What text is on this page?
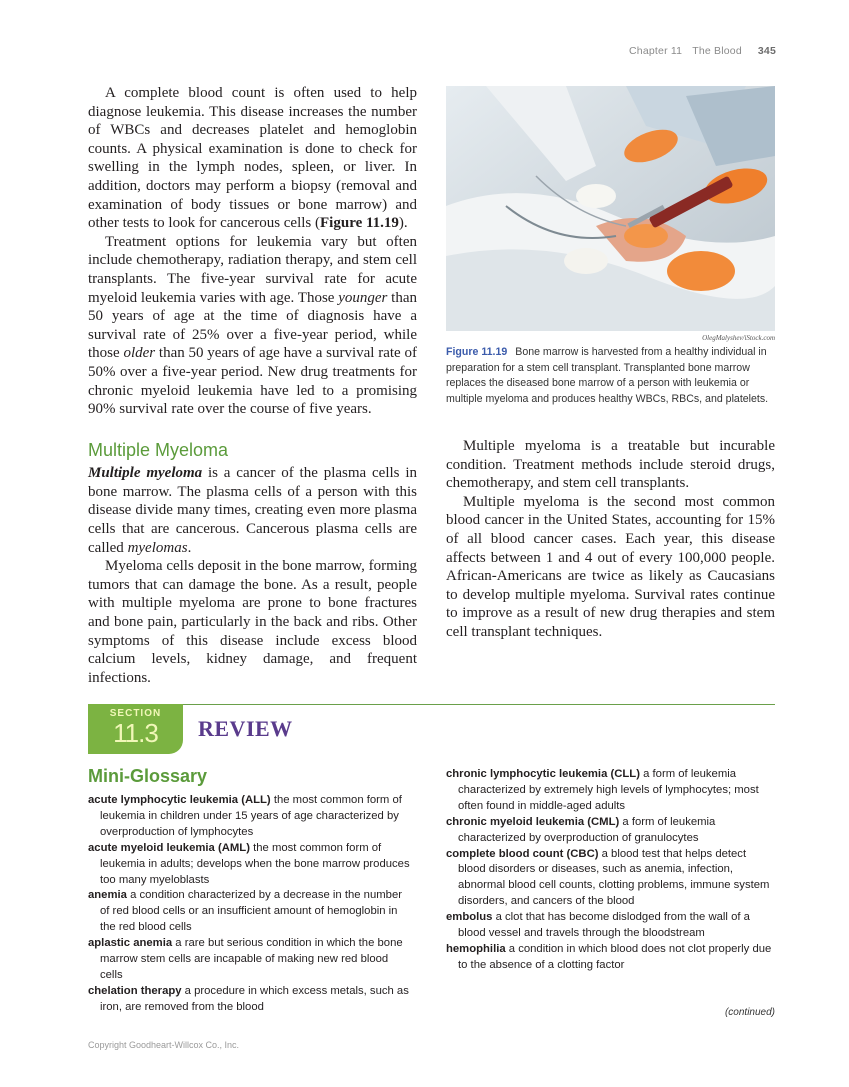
Chapter 11 The Blood 345

A complete blood count is often used to help diagnose leukemia. This disease increases the number of WBCs and decreases platelet and hemoglobin counts. A physical examination is done to check for swelling in the lymph nodes, spleen, or liver. In addition, doctors may perform a biopsy (removal and examination of body tissues or bone marrow) and other tests to look for cancerous cells (Figure 11.19).

Treatment options for leukemia vary but often include chemotherapy, radiation therapy, and stem cell transplants. The five-year survival rate for acute myeloid leukemia varies with age. Those younger than 50 years of age at the time of diagnosis have a survival rate of 25% over a five-year period, while those older than 50 years of age have a survival rate of 50% over a five-year period. New drug treatments for chronic myeloid leukemia have led to a promising 90% survival rate over the course of five years.

Multiple Myeloma

Multiple myeloma is a cancer of the plasma cells in bone marrow. The plasma cells of a person with this disease divide many times, creating even more plasma cells that are cancerous. Cancerous plasma cells are called myelomas.

Myeloma cells deposit in the bone marrow, forming tumors that can damage the bone. As a result, people with multiple myeloma are prone to bone fractures and bone pain, particularly in the back and ribs. Other symptoms of this disease include excess blood calcium levels, kidney damage, and frequent infections.

OlegMalyshev/iStock.com
Figure 11.19 Bone marrow is harvested from a healthy individual in preparation for a stem cell transplant. Transplanted bone marrow replaces the diseased bone marrow of a person with leukemia or multiple myeloma and produces healthy WBCs, RBCs, and platelets.

Multiple myeloma is a treatable but incurable condition. Treatment methods include steroid drugs, chemotherapy, and stem cell transplants.

Multiple myeloma is the second most common blood cancer in the United States, accounting for 15% of all blood cancer cases. Each year, this disease affects between 1 and 4 out of every 100,000 people. African-Americans are twice as likely as Caucasians to develop multiple myeloma. Survival rates continue to improve as a result of new drug therapies and stem cell transplant techniques.

SECTION
11.3	REVIEW
Mini-Glossary
acute lymphocytic leukemia (ALL) the most common form of leukemia in children under 15 years of age characterized by overproduction of lymphocytes
acute myeloid leukemia (AML) the most common form of leukemia in adults; develops when the bone marrow produces too many myeloblasts
anemia a condition characterized by a decrease in the number of red blood cells or an insufficient amount of hemoglobin in the red blood cells
aplastic anemia a rare but serious condition in which the bone marrow stem cells are incapable of making new red blood cells
chelation therapy a procedure in which excess metals, such as iron, are removed from the blood
chronic lymphocytic leukemia (CLL) a form of leukemia characterized by extremely high levels of lymphocytes; most often found in middle-aged adults
chronic myeloid leukemia (CML) a form of leukemia characterized by overproduction of granulocytes
complete blood count (CBC) a blood test that helps detect blood disorders or diseases, such as anemia, infection, abnormal blood cell counts, clotting problems, immune system disorders, and cancers of the blood
embolus a clot that has become dislodged from the wall of a blood vessel and travels through the bloodstream
hemophilia a condition in which blood does not clot properly due to the absence of a clotting factor
(continued)
Copyright Goodheart-Willcox Co., Inc.
